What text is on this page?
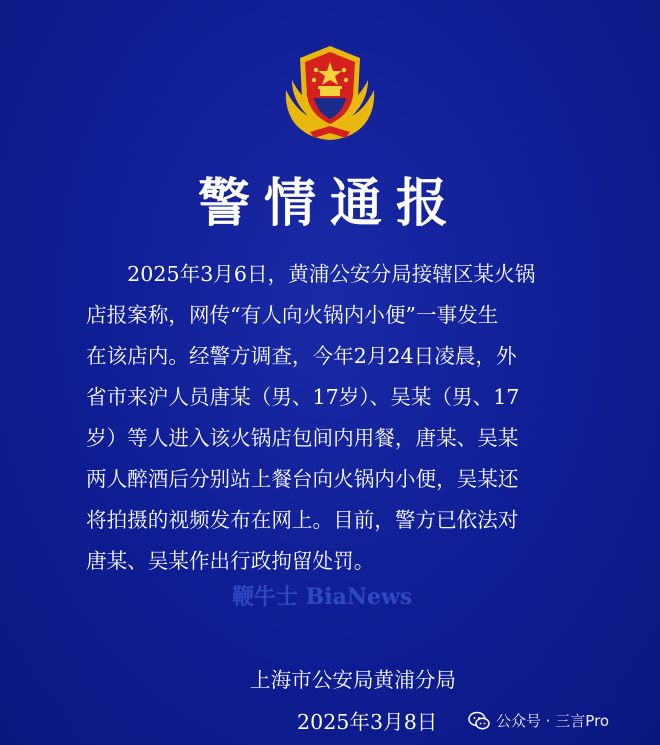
警情通报
　　2025年3月6日，黄浦公安分局接辖区某火锅
店报案称，网传“有人向火锅内小便”一事发生
在该店内。经警方调查，今年2月24日凌晨，外
省市来沪人员唐某（男、17岁）、吴某（男、17
岁）等人进入该火锅店包间内用餐，唐某、吴某
两人醉酒后分别站上餐台向火锅内小便，吴某还
将拍摄的视频发布在网上。目前，警方已依法对
唐某、吴某作出行政拘留处罚。
鞭牛士 BiaNews
上海市公安局黄浦分局
2025年3月8日	公众号 · 三言Pro
